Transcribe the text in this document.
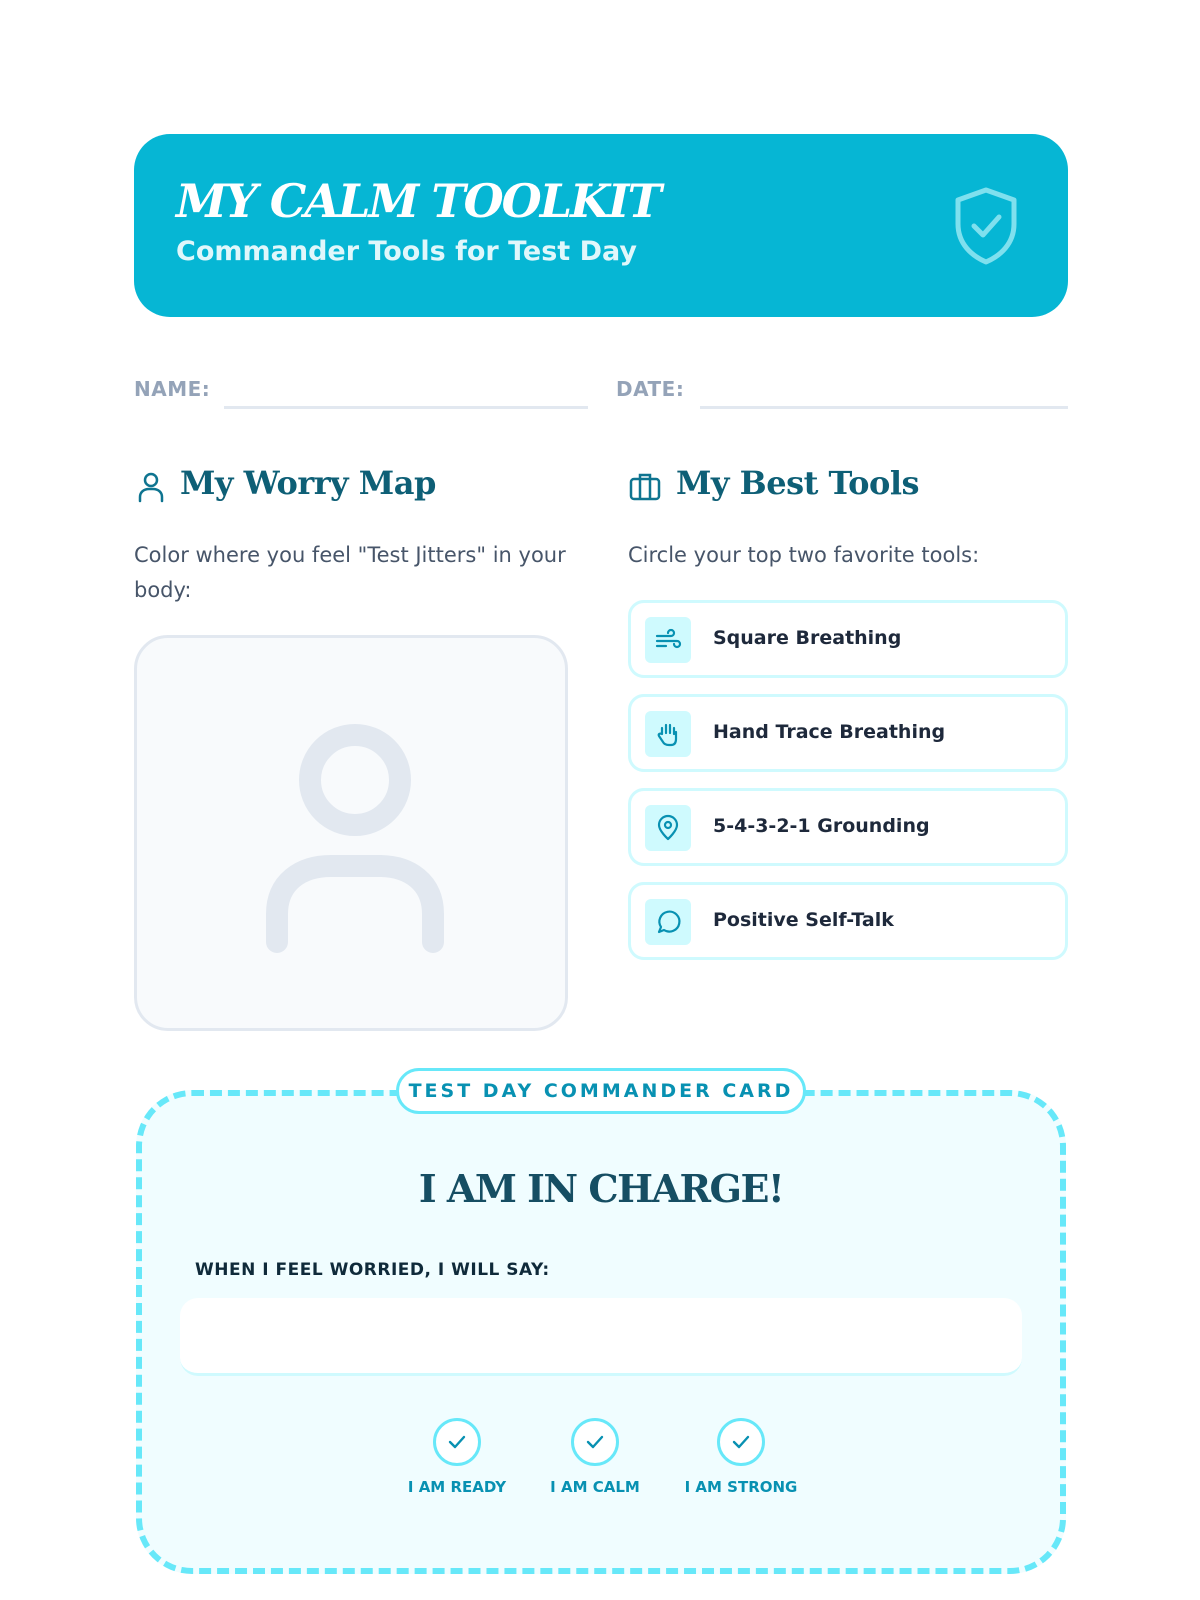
MY CALM TOOLKIT
Commander Tools for Test Day
NAME:	DATE:
My Worry Map
Color where you feel "Test Jitters" in your body:
My Best Tools
Circle your top two favorite tools:
Square Breathing
Hand Trace Breathing
5-4-3-2-1 Grounding
Positive Self-Talk
TEST DAY COMMANDER CARD
I AM IN CHARGE!
WHEN I FEEL WORRIED, I WILL SAY:
I AM READY	I AM CALM	I AM STRONG
